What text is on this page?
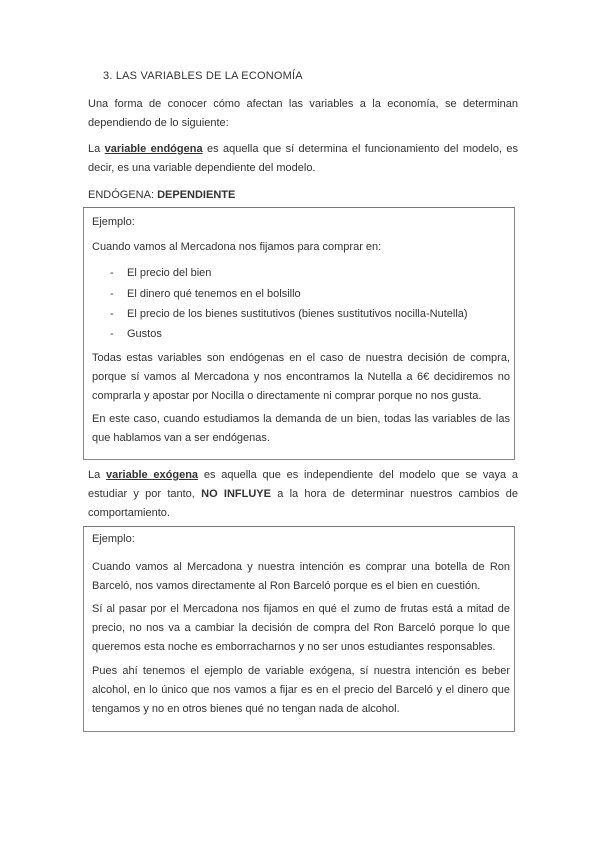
3. LAS VARIABLES DE LA ECONOMÍA
Una forma de conocer cómo afectan las variables a la economía, se determinan dependiendo de lo siguiente:
La variable endógena es aquella que sí determina el funcionamiento del modelo, es decir, es una variable dependiente del modelo.
ENDÓGENA: DEPENDIENTE
Ejemplo:
Cuando vamos al Mercadona nos fijamos para comprar en:
- El precio del bien
- El dinero qué tenemos en el bolsillo
- El precio de los bienes sustitutivos (bienes sustitutivos nocilla-Nutella)
- Gustos
Todas estas variables son endógenas en el caso de nuestra decisión de compra, porque sí vamos al Mercadona y nos encontramos la Nutella a 6€ decidiremos no comprarla y apostar por Nocilla o directamente ni comprar porque no nos gusta.
En este caso, cuando estudiamos la demanda de un bien, todas las variables de las que hablamos van a ser endógenas.
La variable exógena es aquella que es independiente del modelo que se vaya a estudiar y por tanto, NO INFLUYE a la hora de determinar nuestros cambios de comportamiento.
Ejemplo:
Cuando vamos al Mercadona y nuestra intención es comprar una botella de Ron Barceló, nos vamos directamente al Ron Barceló porque es el bien en cuestión.
Sí al pasar por el Mercadona nos fijamos en qué el zumo de frutas está a mitad de precio, no nos va a cambiar la decisión de compra del Ron Barceló porque lo que queremos esta noche es emborracharnos y no ser unos estudiantes responsables.
Pues ahí tenemos el ejemplo de variable exógena, sí nuestra intención es beber alcohol, en lo único que nos vamos a fijar es en el precio del Barceló y el dinero que tengamos y no en otros bienes qué no tengan nada de alcohol.
